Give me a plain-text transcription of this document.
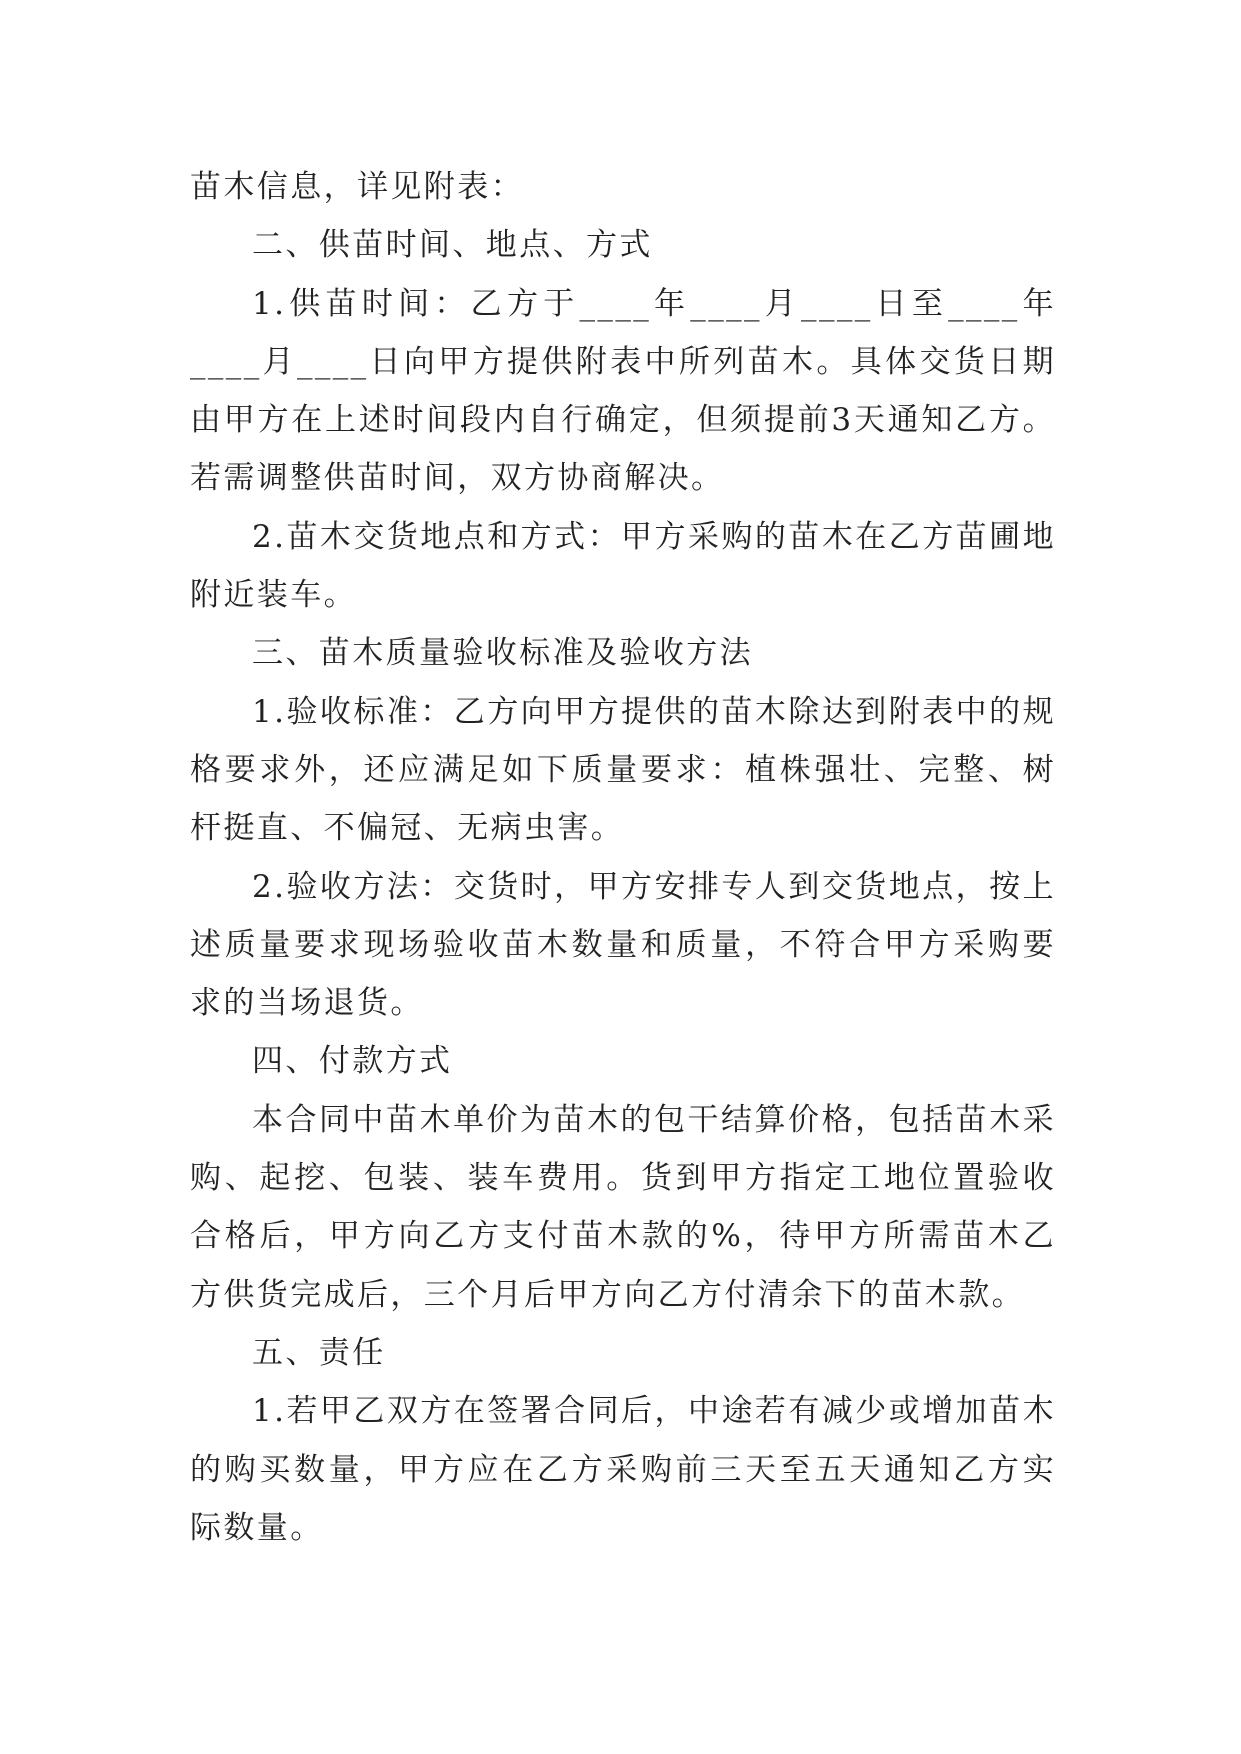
苗木信息，详见附表：

二、供苗时间、地点、方式

1.供苗时间：乙方于____年____月____日至____年____月____日向甲方提供附表中所列苗木。具体交货日期由甲方在上述时间段内自行确定，但须提前3天通知乙方。若需调整供苗时间，双方协商解决。

2.苗木交货地点和方式：甲方采购的苗木在乙方苗圃地附近装车。

三、苗木质量验收标准及验收方法

1.验收标准：乙方向甲方提供的苗木除达到附表中的规格要求外，还应满足如下质量要求：植株强壮、完整、树杆挺直、不偏冠、无病虫害。

2.验收方法：交货时，甲方安排专人到交货地点，按上述质量要求现场验收苗木数量和质量，不符合甲方采购要求的当场退货。

四、付款方式

本合同中苗木单价为苗木的包干结算价格，包括苗木采购、起挖、包装、装车费用。货到甲方指定工地位置验收合格后，甲方向乙方支付苗木款的%，待甲方所需苗木乙方供货完成后，三个月后甲方向乙方付清余下的苗木款。

五、责任

1.若甲乙双方在签署合同后，中途若有减少或增加苗木的购买数量，甲方应在乙方采购前三天至五天通知乙方实际数量。
